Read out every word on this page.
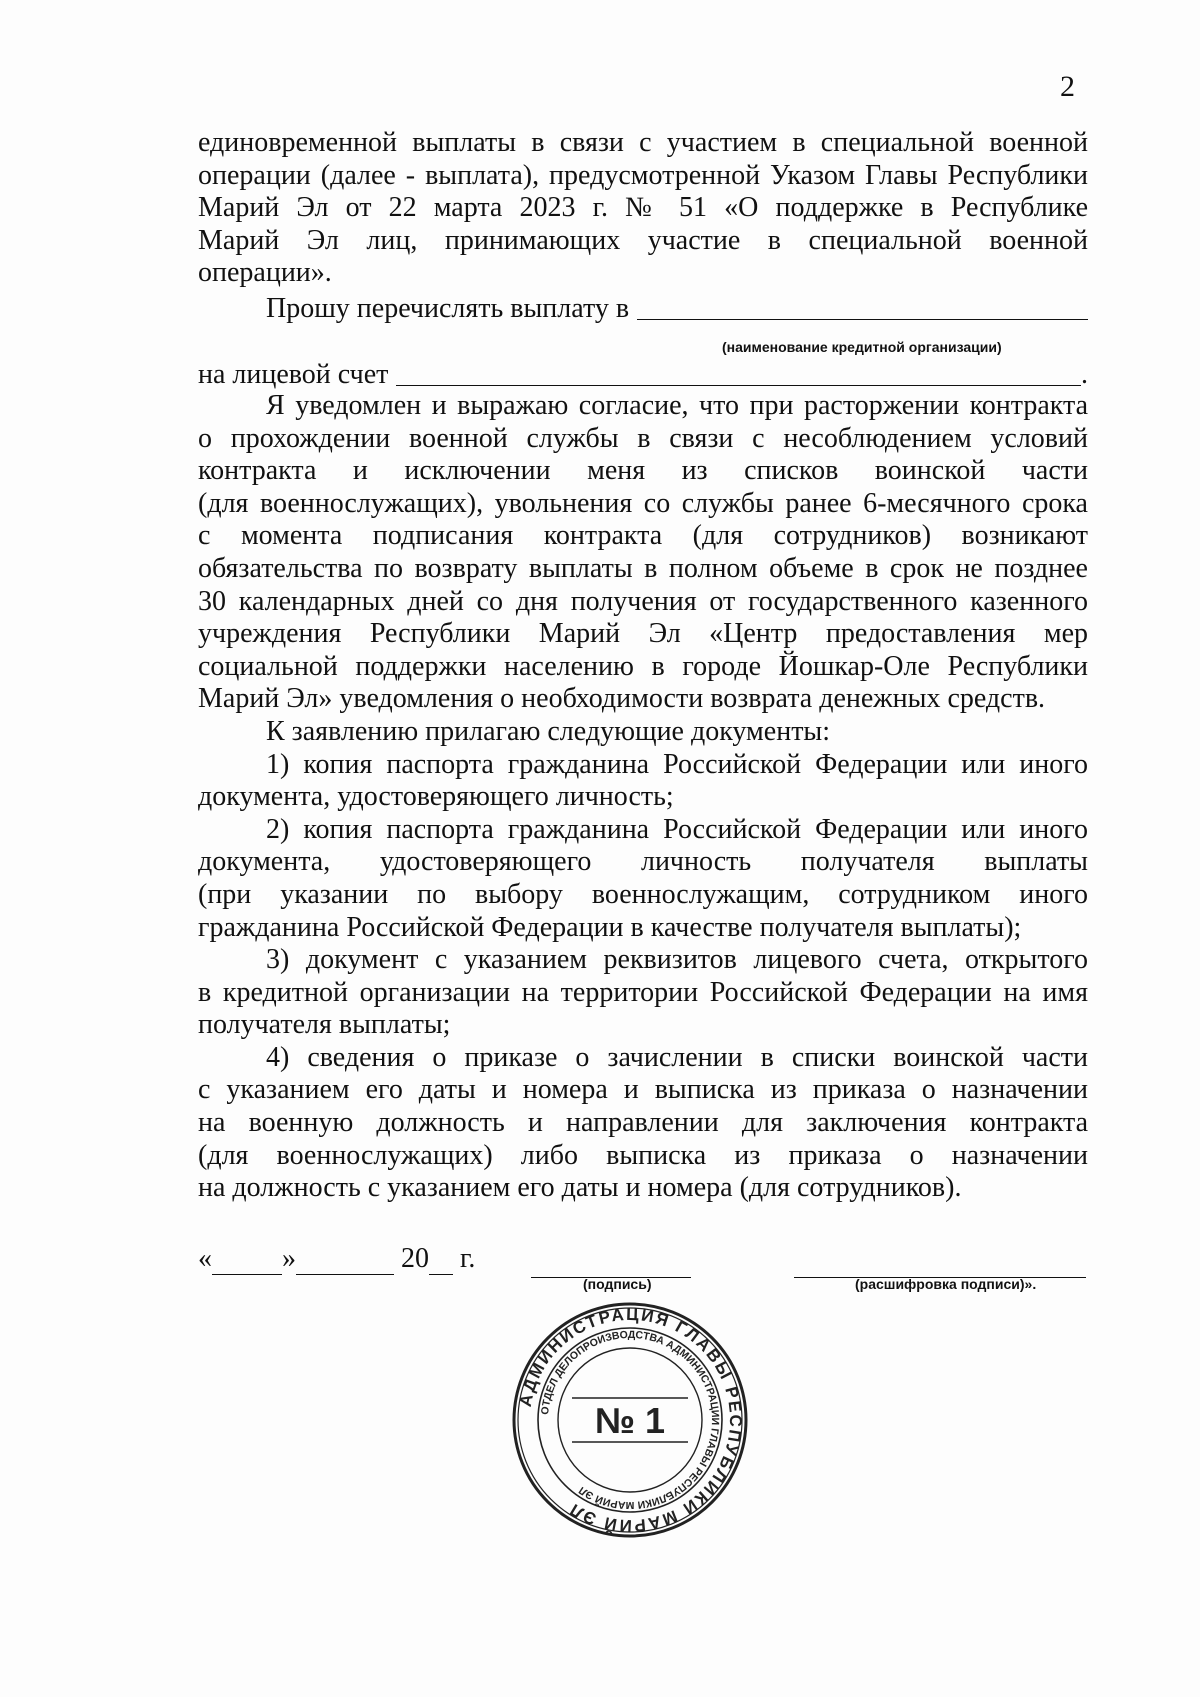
2

единовременной выплаты в связи с участием в специальной военной

операции (далее - выплата), предусмотренной Указом Главы Республики

Марий Эл от 22 марта 2023 г. № 51 «О поддержке в Республике

Марий Эл лиц, принимающих участие в специальной военной

операции».

Прошу перечислять выплату в
(наименование кредитной организации)
на лицевой счет	.

Я уведомлен и выражаю согласие, что при расторжении контракта

о прохождении военной службы в связи с несоблюдением условий

контракта и исключении меня из списков воинской части

(для военнослужащих), увольнения со службы ранее 6-месячного срока

с момента подписания контракта (для сотрудников) возникают

обязательства по возврату выплаты в полном объеме в срок не позднее

30 календарных дней со дня получения от государственного казенного

учреждения Республики Марий Эл «Центр предоставления мер

социальной поддержки населению в городе Йошкар-Оле Республики

Марий Эл» уведомления о необходимости возврата денежных средств.

К заявлению прилагаю следующие документы:

1) копия паспорта гражданина Российской Федерации или иного

документа, удостоверяющего личность;

2) копия паспорта гражданина Российской Федерации или иного

документа, удостоверяющего личность получателя выплаты

(при указании по выбору военнослужащим, сотрудником иного

гражданина Российской Федерации в качестве получателя выплаты);

3) документ с указанием реквизитов лицевого счета, открытого

в кредитной организации на территории Российской Федерации на имя

получателя выплаты;

4) сведения о приказе о зачислении в списки воинской части

с указанием его даты и номера и выписка из приказа о назначении

на военную должность и направлении для заключения контракта

(для военнослужащих) либо выписка из приказа о назначении

на должность с указанием его даты и номера (для сотрудников).

«	»	20 г.
(подпись)	(расшифровка подписи)».
АДМИНИСТРАЦИЯ ГЛАВЫ РЕСПУБЛИКИ МАРИЙ ЭЛ
ОТДЕЛ ДЕЛОПРОИЗВОДСТВА АДМИНИСТРАЦИИ ГЛАВЫ РЕСПУБЛИКИ МАРИЙ ЭЛ
№ 1
